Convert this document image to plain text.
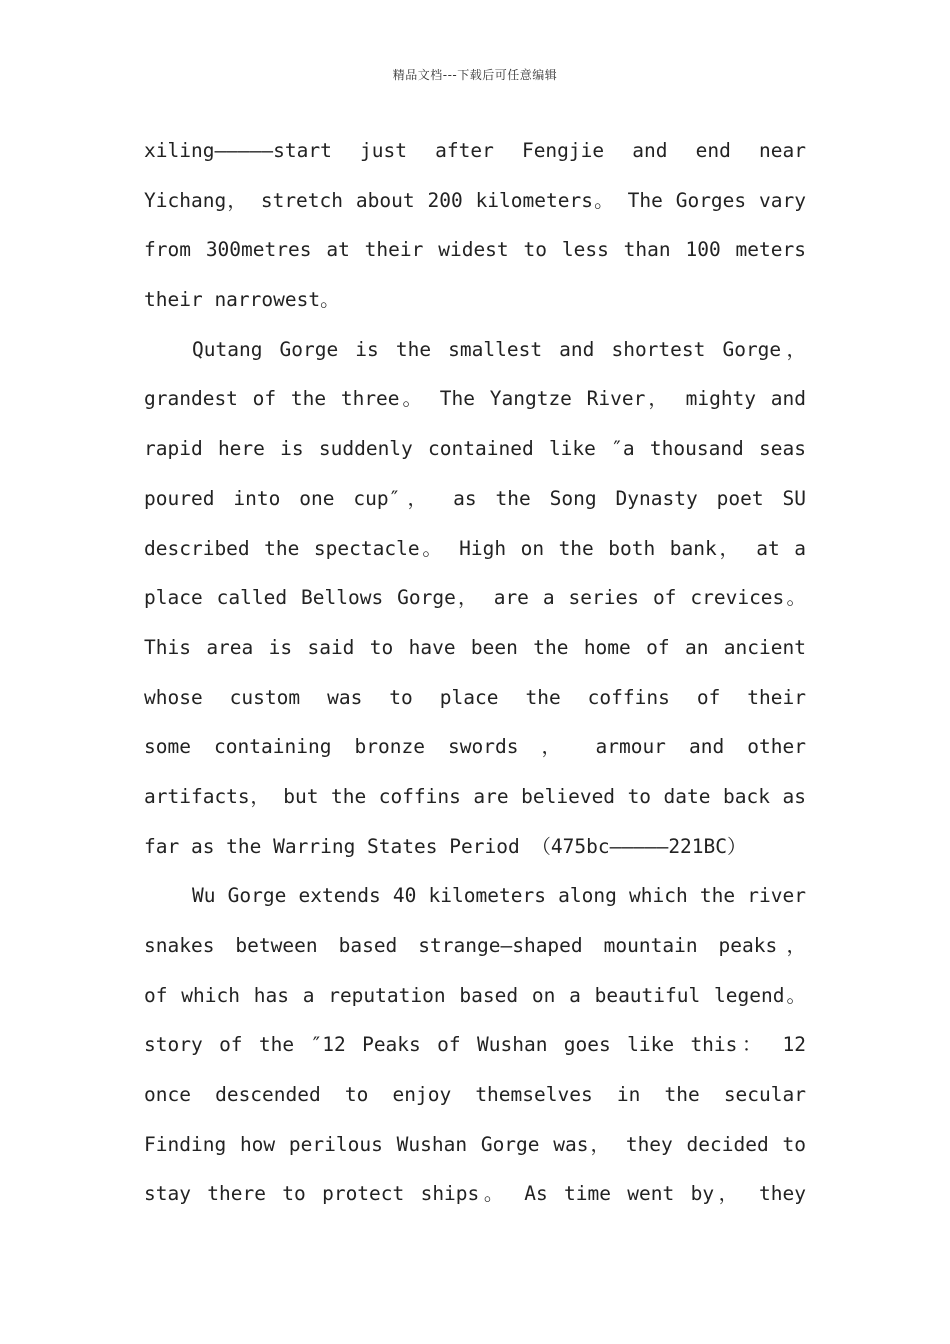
精品文档---下载后可任意编辑
xiling—————start just after Fengjie and end near
Yichang， stretch about 200 kilometers。 The Gorges vary
from 300metres at their widest to less than 100 meters
their narrowest。
Qutang Gorge is the smallest and shortest Gorge，
grandest of the three。 The Yangtze River， mighty and
rapid here is suddenly contained like ″a thousand seas
poured into one cup″， as the Song Dynasty poet SU
described the spectacle。 High on the both bank， at a
place called Bellows Gorge， are a series of crevices。
This area is said to have been the home of an ancient
whose custom was to place the coffins of their
some containing bronze swords ， armour and other
artifacts， but the coffins are believed to date back as
far as the Warring States Period （475bc—————221BC）
Wu Gorge extends 40 kilometers along which the river
snakes between based strange—shaped mountain peaks，
of which has a reputation based on a beautiful legend。
story of the ″12 Peaks of Wushan goes like this： 12
once descended to enjoy themselves in the secular
Finding how perilous Wushan Gorge was， they decided to
stay there to protect ships。 As time went by， they
